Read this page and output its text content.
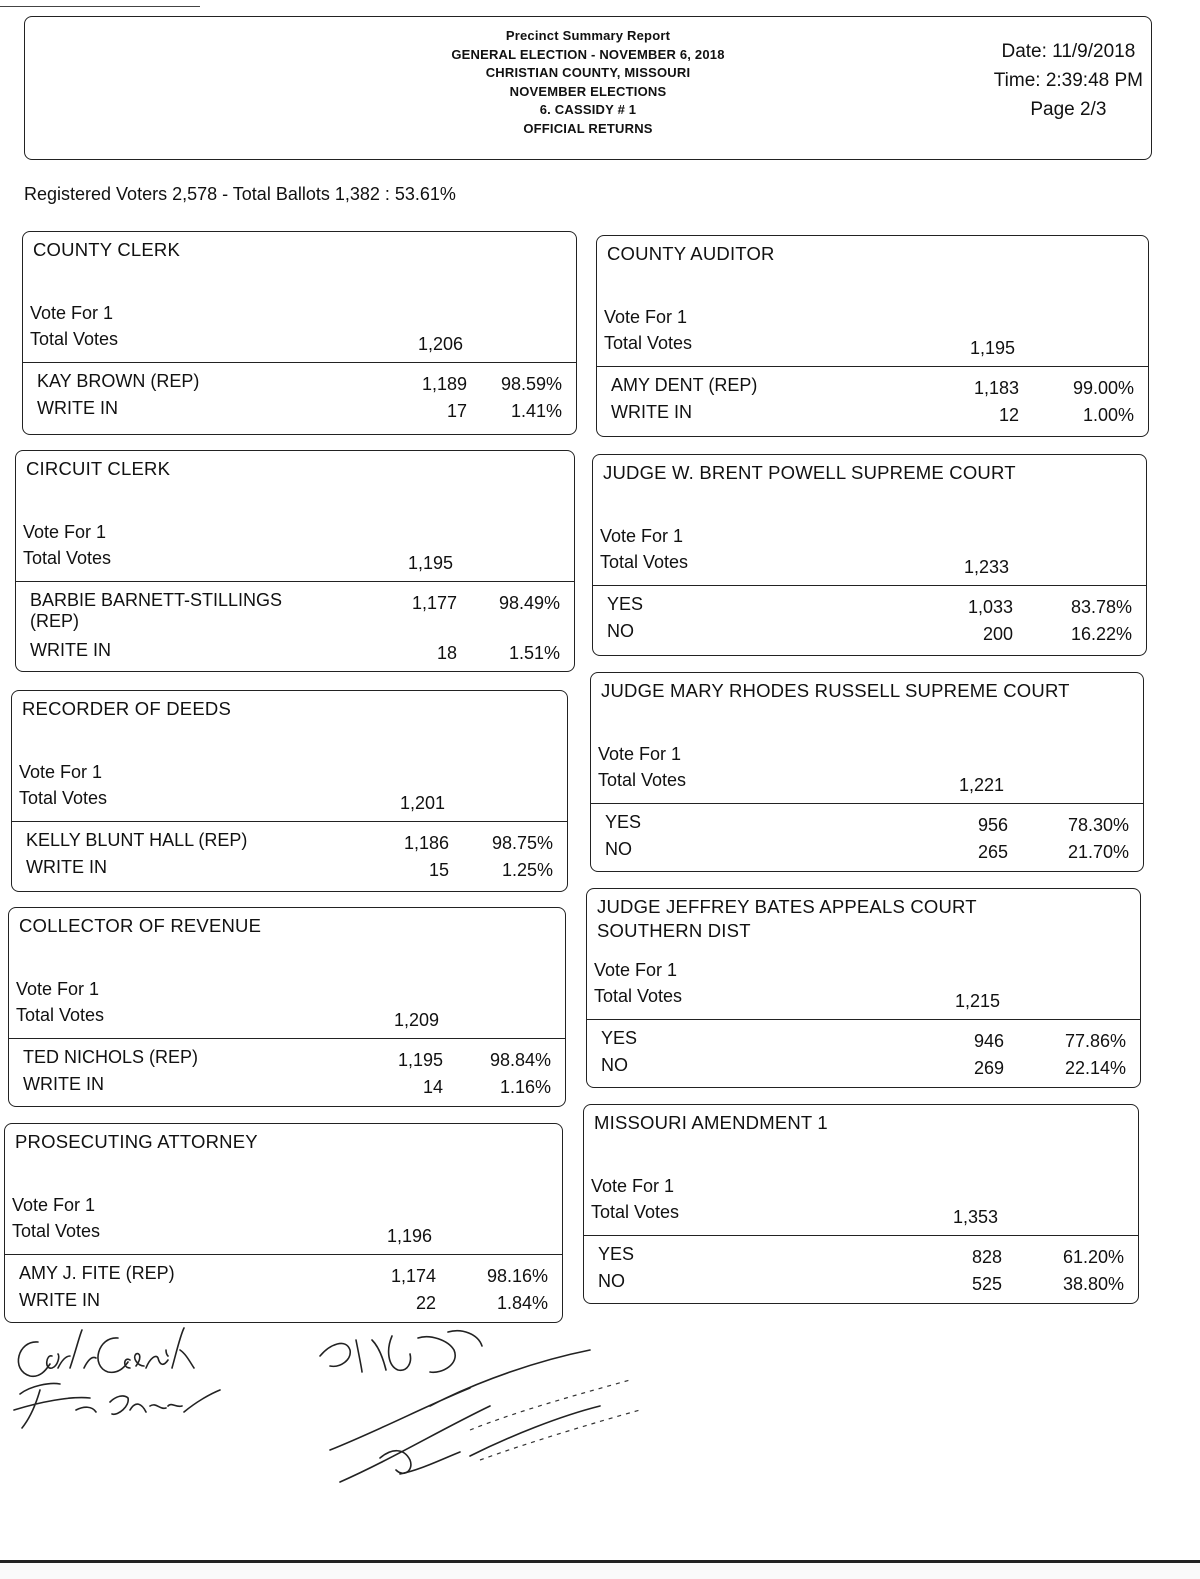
Precinct Summary Report
GENERAL ELECTION - NOVEMBER 6, 2018
CHRISTIAN COUNTY, MISSOURI
NOVEMBER ELECTIONS
6. CASSIDY # 1
OFFICIAL RETURNS
Date: 11/9/2018
Time: 2:39:48 PM
Page 2/3
Registered Voters 2,578 - Total Ballots 1,382 : 53.61%
COUNTY CLERK
Vote For 1
Total Votes	1,206
KAY BROWN (REP)	1,189 98.59%
WRITE IN	17 1.41%
CIRCUIT CLERK
Vote For 1
Total Votes	1,195
BARBIE BARNETT-STILLINGS
(REP)
1,177 98.49%
WRITE IN	18	1.51%
RECORDER OF DEEDS
Vote For 1
Total Votes	1,201
KELLY BLUNT HALL (REP)	1,186 98.75%
WRITE IN	15	1.25%
COLLECTOR OF REVENUE
Vote For 1
Total Votes	1,209
TED NICHOLS (REP)	1,195	98.84%
WRITE IN	14	1.16%
PROSECUTING ATTORNEY
Vote For 1
Total Votes	1,196
AMY J. FITE (REP)	1,174	98.16%
WRITE IN	22	1.84%
COUNTY AUDITOR
Vote For 1
Total Votes	1,195
AMY DENT (REP)	1,183	99.00%
WRITE IN	12	1.00%
JUDGE W. BRENT POWELL SUPREME COURT
Vote For 1
Total Votes	1,233
YES	1,033	83.78%
NO	200	16.22%
JUDGE MARY RHODES RUSSELL SUPREME COURT
Vote For 1
Total Votes	1,221
YES	956	78.30%
NO	265	21.70%
JUDGE JEFFREY BATES APPEALS COURT
SOUTHERN DIST
Vote For 1
Total Votes	1,215
YES	946	77.86%
NO	269	22.14%
MISSOURI AMENDMENT 1
Vote For 1
Total Votes	1,353
YES	828	61.20%
NO	525	38.80%
